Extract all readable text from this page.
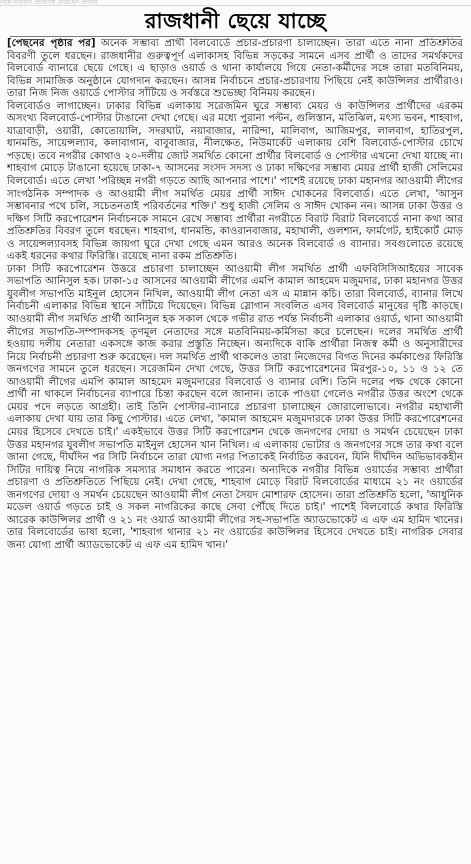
নিয়ে নির্বাচনী প্রচারণায় নেমেছেন প্রার্থীরা
রাজধানী ছেয়ে যাচ্ছে

[পেছনের পৃষ্ঠার পর] অনেক সম্ভাব্য প্রার্থী বিলবোর্ডে প্রচার-প্রচারণা চালাচ্ছেন। তারা এতে নানা প্রতিশ্রুতির বিবরণী তুলে ধরছেন। রাজধানীর গুরুত্বপূর্ণ এলাকাসহ বিভিন্ন সড়কের সামনে এসব প্রার্থী ও তাদের সমর্থকদের বিলবোর্ড ব্যানারে ছেয়ে গেছে। এ ছাড়াও ওয়ার্ড ও থানা কার্যালয়ে গিয়ে নেতা-কর্মীদের সঙ্গে তারা মতবিনিময়, বিভিন্ন সামাজিক অনুষ্ঠানে যোগদান করছেন। আসন্ন নির্বাচনে প্রচার-প্রচারণায় পিছিয়ে নেই কাউন্সিলর প্রার্থীরাও। তারা নিজ নিজ ওয়ার্ডে পোস্টার সাঁটিয়ে ও সর্বস্তরে শুভেচ্ছা বিনিময় করছেন।

বিলবোর্ডও লাগাচ্ছেন। ঢাকার বিভিন্ন এলাকায় সরেজমিন ঘুরে সম্ভাব্য মেয়র ও কাউন্সিলর প্রার্থীদের এরকম অসংখ্য বিলবোর্ড-পোস্টার টাঙানো দেখা গেছে। এর মধ্যে পুরানা পল্টন, গুলিস্তান, মতিঝিল, মৎস্য ভবন, শাহবাগ, যাত্রাবাড়ী, ওয়ারী, কোতোয়ালি, সদরঘাট, নয়াবাজার, নারিন্দা, মালিবাগ, আজিমপুর, লালবাগ, হাতিরপুল, ধানমন্ডি, সায়েন্সল্যাব, কলাবাগান, বাবুবাজার, নীলক্ষেত, নিউমার্কেট এলাকায় বেশি বিলবোর্ড-পোস্টার চোখে পড়ছে। তবে নগরীর কোথাও ২০-দলীয় জোট সমর্থিত কোনো প্রার্থীর বিলবোর্ড ও পোস্টার এখনো দেখা যাচ্ছে না। শাহবাগ মোড়ে টাঙানো হয়েছে ঢাকা-৭ আসনের সংসদ সদস্য ও ঢাকা দক্ষিণের সম্ভাব্য মেয়র প্রার্থী হাজী সেলিমের বিলবোর্ড। এতে লেখা 'পরিচ্ছন্ন নগরী গড়তে আছি আপনার পাশে।' পাশেই রয়েছে ঢাকা মহানগর আওয়ামী লীগের সাংগঠনিক সম্পাদক ও আওয়ামী লীগ সমর্থিত মেয়র প্রার্থী সাঈদ খোকনের বিলবোর্ড। এতে লেখা, 'আসুন সম্ভাবনার পথে চলি, সচেতনতাই পরিবর্তনের শক্তি।' শুধু হাজী সেলিম ও সাঈদ খোকন নন। আসন্ন ঢাকা উত্তর ও দক্ষিণ সিটি করপোরেশন নির্বাচনকে সামনে রেখে সম্ভাব্য প্রার্থীরা নগরীতে বিরাট বিরাট বিলবোর্ডে নানা কথা আর প্রতিশ্রুতির বিবরণ তুলে ধরছেন। শাহবাগ, ধানমন্ডি, কাওরানবাজার, মহাখালী, গুলশান, ফার্মগেট, হাইকোর্ট মোড় ও সায়েন্সল্যাবসহ বিভিন্ন জায়গা ঘুরে দেখা গেছে এমন আরও অনেক বিলবোর্ড ও ব্যানার। সবগুলোতে রয়েছে একই ধরনের কথার ফিরিস্তি। রয়েছে নানা রকম প্রতিশ্রুতি।

ঢাকা সিটি করপোরেশন উত্তরে প্রচারণা চালাচ্ছেন আওয়ামী লীগ সমর্থিত প্রার্থী এফবিসিসিআইয়ের সাবেক সভাপতি আনিসুল হক। ঢাকা-১৫ আসনের আওয়ামী লীগের এমপি কামাল আহমেদ মজুমদার, ঢাকা মহানগর উত্তর যুবলীগ সভাপতি মাইনুল হোসেন নিখিল, আওয়ামী লীগ নেতা এস এ মান্নান কচি। তারা বিলবোর্ড, ব্যানার লিখে নির্বাচনী এলাকার বিভিন্ন স্থানে সাঁটিয়ে দিয়েছেন। বিভিন্ন স্লোগান সংবলিত এসব বিলবোর্ড মানুষের দৃষ্টি কাড়ছে। আওয়ামী লীগ সমর্থিত প্রার্থী আনিসুল হক সকাল থেকে গভীর রাত পর্যন্ত নির্বাচনী এলাকার ওয়ার্ড, থানা আওয়ামী লীগের সভাপতি-সম্পাদকসহ তৃণমূল নেতাদের সঙ্গে মতবিনিময়-কর্মিসভা করে চলেছেন। দলের সমর্থিত প্রার্থী হওয়ায় দলীয় নেতারা একসঙ্গে কাজ করার প্রস্তুতি নিচ্ছেন। অন্যদিকে বাকি প্রার্থীরা নিজস্ব কর্মী ও অনুসারীদের নিয়ে নির্বাচনী প্রচারণা শুরু করেছেন। দল সমর্থিত প্রার্থী থাকলেও তারা নিজেদের বিগত দিনের কর্মকাণ্ডের ফিরিস্তি জনগণের সামনে তুলে ধরছেন। সরেজমিন দেখা গেছে, উত্তর সিটি করপোরেশনের মিরপুর-১০, ১১ ও ১২ তে আওয়ামী লীগের এমপি কামাল আহমেদ মজুমদারের বিলবোর্ড ও ব্যানার বেশি। তিনি দলের পক্ষ থেকে কোনো প্রার্থী না থাকলে নির্বাচনের ব্যাপারে চিন্তা করছেন বলে জানান। তাকে পাওয়া গেলেও নগরীর উত্তর অংশে থেকে মেয়র পদে লড়তে আগ্রহী। তাই তিনি পোস্টার-ব্যানারে প্রচারণা চালাচ্ছেন জোরালোভাবে। নগরীর মহাখালী এলাকায় দেখা যায় তার কিছু পোস্টার। এতে লেখা, 'কামাল আহমেদ মজুমদারকে ঢাকা উত্তর সিটি করপোরেশনের মেয়র হিসেবে দেখতে চাই।' একইভাবে উত্তর সিটি করপোরেশন থেকে জনগণের দোয়া ও সমর্থন চেয়েছেন ঢাকা উত্তর মহানগর যুবলীগ সভাপতি মাইনুল হোসেন খান নিখিল। এ এলাকায় ভোটার ও জনগণের সঙ্গে তার কথা বলে জানা গেছে, দীর্ঘদিন পর সিটি নির্বাচনে তারা যোগ্য নগর পিতাকেই নির্বাচিত করবেন, যিনি দীর্ঘদিন অভিভাবকহীন সিটির দায়িত্ব নিয়ে নাগরিক সমস্যার সমাধান করতে পারেন। অন্যদিকে নগরীর বিভিন্ন ওয়ার্ডের সম্ভাব্য প্রার্থীরা প্রচারণা ও প্রতিশ্রুতিতে পিছিয়ে নেই। দেখা গেছে, শাহবাগ মোড়ে বিরাট বিলবোর্ডের মাধ্যমে ২১ নং ওয়ার্ডের জনগণের দোয়া ও সমর্থন চেয়েছেন আওয়ামী লীগ নেতা সৈয়দ মোশারফ হোসেন। তারা প্রতিশ্রুতি হলো, 'আধুনিক মডেল ওয়ার্ড গড়তে চাই ও সকল নাগরিকের কাছে সেবা পৌঁছে দিতে চাই।' পাশেই বিলবোর্ডে কথার ফিরিস্তি আরেক কাউন্সিলর প্রার্থী ও ২১ নং ওয়ার্ড আওয়ামী লীগের সহ-সভাপতি অ্যাডভোকেট এ এফ এম হামিদ খানের। তার বিলবোর্ডের ভাষা হলো, 'শাহবাগ থানার ২১ নং ওয়ার্ডের কাউন্সিলর হিসেবে দেখতে চাই। নাগরিক সেবার জন্য যোগ্য প্রার্থী অ্যাডভোকেট এ এফ এম হামিদ খান।'
